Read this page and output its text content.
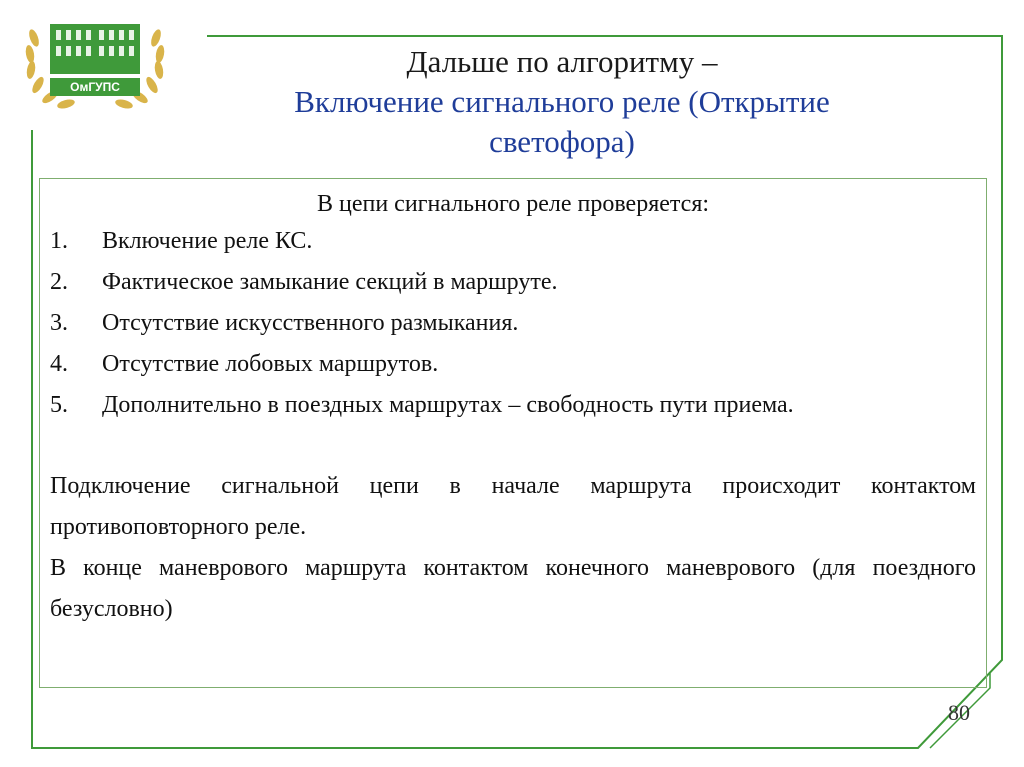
ОмГУПС
Дальше по алгоритму –
Включение сигнального реле (Открытие
светофора)
В цепи сигнального реле проверяется:
1. Включение реле КС.
2. Фактическое замыкание секций в маршруте.
3. Отсутствие искусственного размыкания.
4. Отсутствие лобовых маршрутов.
5. Дополнительно в поездных маршрутах – свободность пути приема.
Подключение сигнальной цепи в начале маршрута происходит контактом противоповторного реле.
В конце маневрового маршрута контактом конечного маневрового (для поездного безусловно)
80
